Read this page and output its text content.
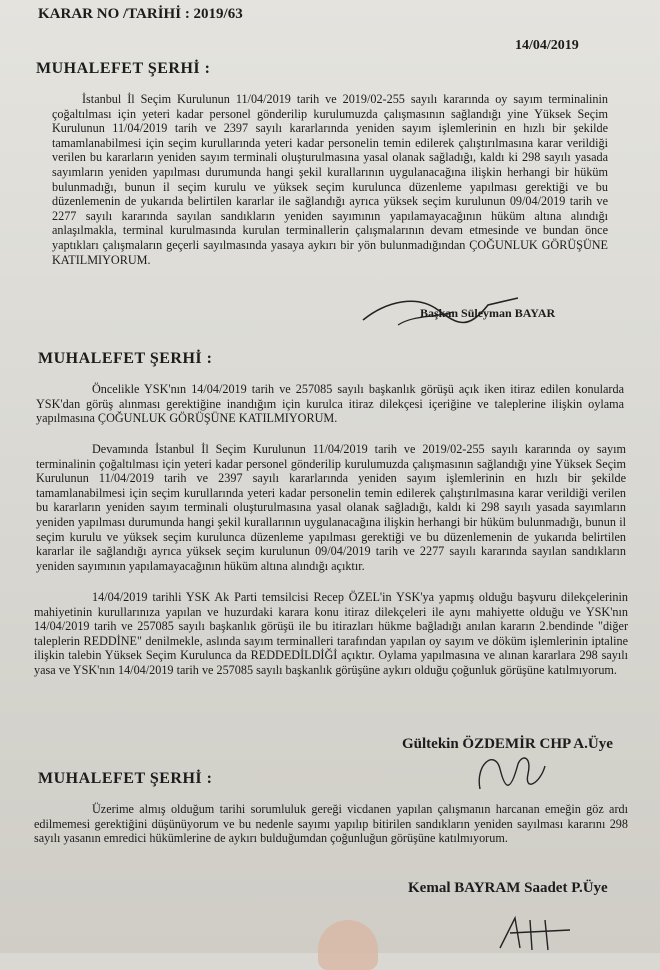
KARAR NO /TARİHİ : 2019/63
14/04/2019
MUHALEFET ŞERHİ :

İstanbul İl Seçim Kurulunun 11/04/2019 tarih ve 2019/02-255 sayılı kararında oy sayım terminalinin çoğaltılması için yeteri kadar personel gönderilip kurulumuzda çalışmasının sağlandığı yine Yüksek Seçim Kurulunun 11/04/2019 tarih ve 2397 sayılı kararlarında yeniden sayım işlemlerinin en hızlı bir şekilde tamamlanabilmesi için seçim kurullarında yeteri kadar personelin temin edilerek çalıştırılmasına karar verildiği verilen bu kararların yeniden sayım terminali oluşturulmasına yasal olanak sağladığı, kaldı ki 298 sayılı yasada sayımların yeniden yapılması durumunda hangi şekil kurallarının uygulanacağına ilişkin herhangi bir hüküm bulunmadığı, bunun il seçim kurulu ve yüksek seçim kurulunca düzenleme yapılması gerektiği ve bu düzenlemenin de yukarıda belirtilen kararlar ile sağlandığı ayrıca yüksek seçim kurulunun 09/04/2019 tarih ve 2277 sayılı kararında sayılan sandıkların yeniden sayımının yapılamayacağının hüküm altına alındığı anlaşılmakla, terminal kurulmasında kurulan terminallerin çalışmalarının devam etmesinde ve bundan önce yaptıkları çalışmaların geçerli sayılmasında yasaya aykırı bir yön bulunmadığından ÇOĞUNLUK GÖRÜŞÜNE KATILMIYORUM.

Başkan Süleyman BAYAR
MUHALEFET ŞERHİ :

Öncelikle YSK'nın 14/04/2019 tarih ve 257085 sayılı başkanlık görüşü açık iken itiraz edilen konularda YSK'dan görüş alınması gerektiğine inandığım için kurulca itiraz dilekçesi içeriğine ve taleplerine ilişkin oylama yapılmasına ÇOĞUNLUK GÖRÜŞÜNE KATILMIYORUM.

Devamında İstanbul İl Seçim Kurulunun 11/04/2019 tarih ve 2019/02-255 sayılı kararında oy sayım terminalinin çoğaltılması için yeteri kadar personel gönderilip kurulumuzda çalışmasının sağlandığı yine Yüksek Seçim Kurulunun 11/04/2019 tarih ve 2397 sayılı kararlarında yeniden sayım işlemlerinin en hızlı bir şekilde tamamlanabilmesi için seçim kurullarında yeteri kadar personelin temin edilerek çalıştırılmasına karar verildiği verilen bu kararların yeniden sayım terminali oluşturulmasına yasal olanak sağladığı, kaldı ki 298 sayılı yasada sayımların yeniden yapılması durumunda hangi şekil kurallarının uygulanacağına ilişkin herhangi bir hüküm bulunmadığı, bunun il seçim kurulu ve yüksek seçim kurulunca düzenleme yapılması gerektiği ve bu düzenlemenin de yukarıda belirtilen kararlar ile sağlandığı ayrıca yüksek seçim kurulunun 09/04/2019 tarih ve 2277 sayılı kararında sayılan sandıkların yeniden sayımının yapılamayacağının hüküm altına alındığı açıktır.

14/04/2019 tarihli YSK Ak Parti temsilcisi Recep ÖZEL'in YSK'ya yapmış olduğu başvuru dilekçelerinin mahiyetinin kurullarınıza yapılan ve huzurdaki karara konu itiraz dilekçeleri ile aynı mahiyette olduğu ve YSK'nın 14/04/2019 tarih ve 257085 sayılı başkanlık görüşü ile bu itirazları hükme bağladığı anılan kararın 2.bendinde "diğer taleplerin REDDİNE" denilmekle, aslında sayım terminalleri tarafından yapılan oy sayım ve döküm işlemlerinin iptaline ilişkin talebin Yüksek Seçim Kurulunca da REDDEDİLDİĞİ açıktır. Oylama yapılmasına ve alınan kararlara 298 sayılı yasa ve YSK'nın 14/04/2019 tarih ve 257085 sayılı başkanlık görüşüne aykırı olduğu çoğunluk görüşüne katılmıyorum.

Gültekin ÖZDEMİR CHP A.Üye
MUHALEFET ŞERHİ :

Üzerime almış olduğum tarihi sorumluluk gereği vicdanen yapılan çalışmanın harcanan emeğin göz ardı edilmemesi gerektiğini düşünüyorum ve bu nedenle sayımı yapılıp bitirilen sandıkların yeniden sayılması kararını 298 sayılı yasanın emredici hükümlerine de aykırı bulduğumdan çoğunluğun görüşüne katılmıyorum.

Kemal BAYRAM Saadet P.Üye
